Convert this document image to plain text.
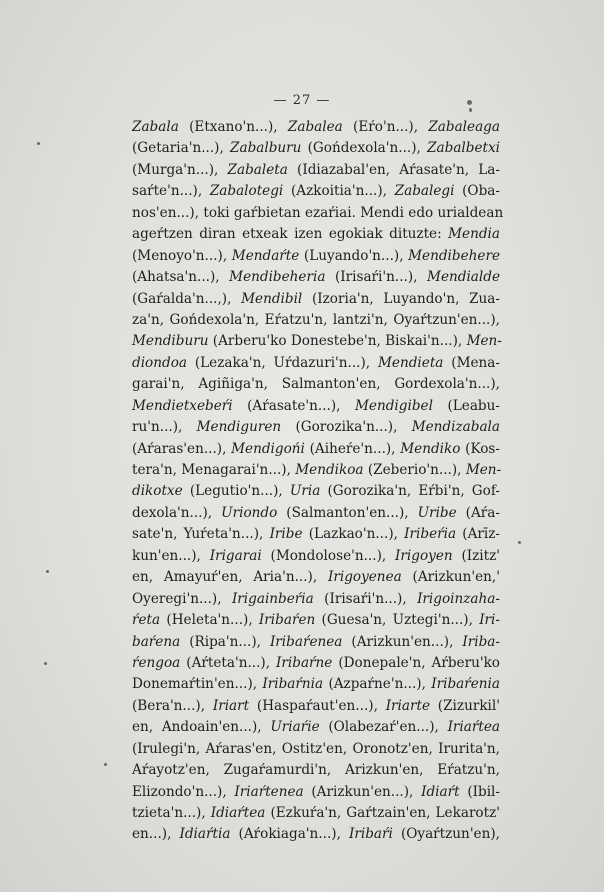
— 27 —
Zabala (Etxano'n...), Zabalea (Eŕo'n...), Zabaleaga
(Getaria'n...), Zabalburu (Gońdexola'n...), Zabalbetxi
(Murga'n...), Zabaleta (Idiazabal'en, Aŕasate'n, La-
saŕte'n...), Zabalotegi (Azkoitia'n...), Zabalegi (Oba-
nos'en...), toki gaŕbietan ezaŕiai. Mendi edo urialdean
ageŕtzen diran etxeak izen egokiak dituzte: Mendia
(Menoyo'n...), Mendaŕte (Luyando'n...), Mendibehere
(Ahatsa'n...), Mendibeheria (Irisaŕi'n...), Mendialde
(Gaŕalda'n...,), Mendibil (Izoria'n, Luyando'n, Zua-
za'n, Gońdexola'n, Eŕatzu'n, lantzi'n, Oyaŕtzun'en...),
Mendiburu (Arberu'ko Donestebe'n, Biskai'n...), Men-
diondoa (Lezaka'n, Uŕdazuri'n...), Mendieta (Mena-
garai'n, Agiñiga'n, Salmanton'en, Gordexola'n...),
Mendietxebeŕi (Aŕasate'n...), Mendigibel (Leabu-
ru'n...), Mendiguren (Gorozika'n...), Mendizabala
(Aŕaras'en...), Mendigońi (Aiheŕe'n...), Mendiko (Kos-
tera'n, Menagarai'n...), Mendikoa (Zeberio'n...), Men-
dikotxe (Legutio'n...), Uria (Gorozika'n, Eŕbi'n, Gof-
dexola'n...), Uriondo (Salmanton'en...), Uribe (Aŕa-
sate'n, Yuŕeta'n...), Iribe (Lazkao'n...), Iribeŕia (Arīz-
kun'en...), Irigarai (Mondolose'n...), Irigoyen (Izitz'
en, Amayuŕ'en, Aria'n...), Irigoyenea (Arizkun'en,'
Oyeregi'n...), Irigainbeŕia (Irisaŕi'n...), Irigoinzaha-
ŕeta (Heleta'n...), Iribaŕen (Guesa'n, Uztegi'n...), Iri-
baŕena (Ripa'n...), Iribaŕenea (Arizkun'en...), Iriba-
ŕengoa (Aŕteta'n...), Iribaŕne (Donepale'n, Aŕberu'ko
Donemaŕtin'en...), Iribaŕnia (Azpaŕne'n...), Iribaŕenia
(Bera'n...), Iriart (Haspaŕaut'en...), Iriarte (Zizurkil'
en, Andoain'en...), Uriaŕie (Olabezaŕ'en...), Iriaŕtea
(Irulegi'n, Aŕaras'en, Ostitz'en, Oronotz'en, Irurita'n,
Aŕayotz'en, Zugaŕamurdi'n, Arizkun'en, Eŕatzu'n,
Elizondo'n...), Iriaŕtenea (Arizkun'en...), Idiaŕt (Ibil-
tzieta'n...), Idiaŕtea (Ezkuŕa'n, Gaŕtzain'en, Lekarotz'
en...), Idiaŕtia (Aŕokiaga'n...), Iribaŕi (Oyaŕtzun'en),
